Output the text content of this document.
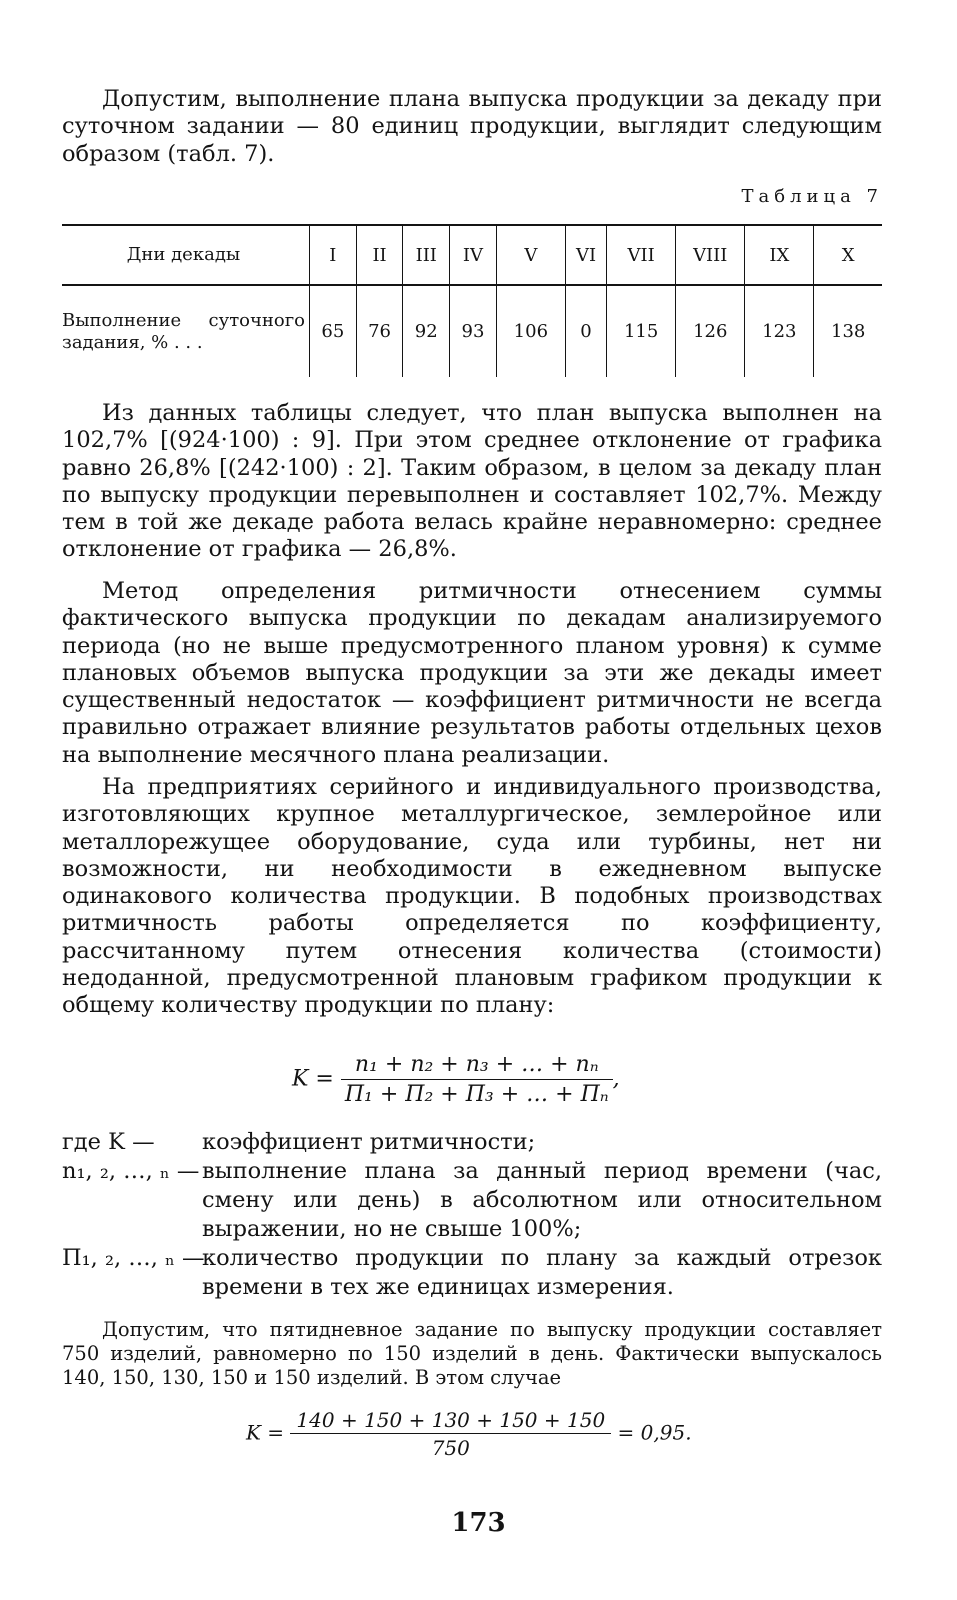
Допустим, выполнение плана выпуска продукции за декаду при суточном задании — 80 единиц продукции, выглядит следующим образом (табл. 7).

Таблица 7
Дни декады	I	II	III	IV	V	VI	VII	VIII	IX	X
Выполнение суточного задания, % . . .	65	76	92	93	106	0	115	126	123	138

Из данных таблицы следует, что план выпуска выполнен на 102,7% [(924·100) : 9]. При этом среднее отклонение от графика равно 26,8% [(242·100) : 2]. Таким образом, в целом за декаду план по выпуску продукции перевыполнен и составляет 102,7%. Между тем в той же декаде работа велась крайне неравномерно: среднее отклонение от графика — 26,8%.

Метод определения ритмичности отнесением суммы фактического выпуска продукции по декадам анализируемого периода (но не выше предусмотренного планом уровня) к сумме плановых объемов выпуска продукции за эти же декады имеет существенный недостаток — коэффициент ритмичности не всегда правильно отражает влияние результатов работы отдельных цехов на выполнение месячного плана реализации.

На предприятиях серийного и индивидуального производства, изготовляющих крупное металлургическое, землеройное или металлорежущее оборудование, суда или турбины, нет ни возможности, ни необходимости в ежедневном выпуске одинакового количества продукции. В подобных производствах ритмичность работы определяется по коэффициенту, рассчитанному путем отнесения количества (стоимости) недоданной, предусмотренной плановым графиком продукции к общему количеству продукции по плану:

$K = \frac{\text{n₁ + n₂ + n₃ + … + nₙ}}{\text{П₁ + П₂ + П₃ + … + Пₙ}}$ ,
где K —	коэффициент ритмичности;
n₁, ₂, …, ₙ — выполнение плана за данный период времени (час, смену или день) в абсолютном или относительном выражении, но не свыше 100%;
П₁, ₂, …, ₙ —
количество продукции по плану за каждый отрезок времени в тех же единицах измерения.

Допустим, что пятидневное задание по выпуску продукции составляет 750 изделий, равномерно по 150 изделий в день. Фактически выпускалось 140, 150, 130, 150 и 150 изделий. В этом случае

$K = \frac{140 + 150 + 130 + 150 + 150}{750} = 0,95$.
173
